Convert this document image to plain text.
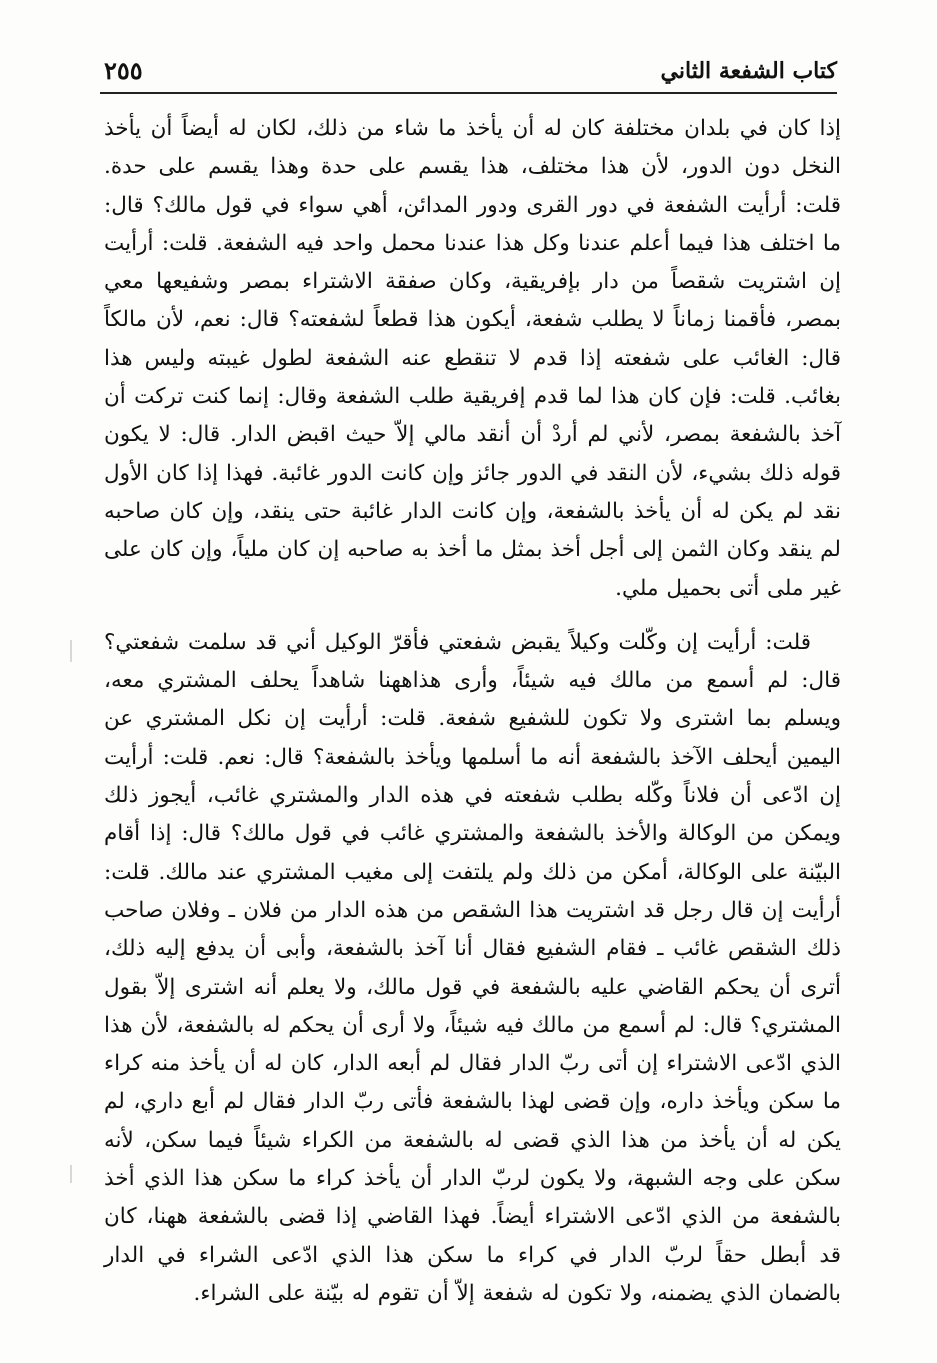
كتاب الشفعة الثاني
٢٥٥

إذا كان في بلدان مختلفة كان له أن يأخذ ما شاء من ذلك، لكان له أيضاً أن يأخذ النخل دون الدور، لأن هذا مختلف، هذا يقسم على حدة وهذا يقسم على حدة. قلت: أرأيت الشفعة في دور القرى ودور المدائن، أهي سواء في قول مالك؟ قال: ما اختلف هذا فيما أعلم عندنا وكل هذا عندنا محمل واحد فيه الشفعة. قلت: أرأيت إن اشتريت شقصاً من دار بإفريقية، وكان صفقة الاشتراء بمصر وشفيعها معي بمصر، فأقمنا زماناً لا يطلب شفعة، أيكون هذا قطعاً لشفعته؟ قال: نعم، لأن مالكاً قال: الغائب على شفعته إذا قدم لا تنقطع عنه الشفعة لطول غيبته وليس هذا بغائب. قلت: فإن كان هذا لما قدم إفريقية طلب الشفعة وقال: إنما كنت تركت أن آخذ بالشفعة بمصر، لأني لم أردْ أن أنقد مالي إلاّ حيث اقبض الدار. قال: لا يكون قوله ذلك بشيء، لأن النقد في الدور جائز وإن كانت الدور غائبة. فهذا إذا كان الأول نقد لم يكن له أن يأخذ بالشفعة، وإن كانت الدار غائبة حتى ينقد، وإن كان صاحبه لم ينقد وكان الثمن إلى أجل أخذ بمثل ما أخذ به صاحبه إن كان ملياً، وإن كان على غير ملى أتى بحميل ملي.

قلت: أرأيت إن وكّلت وكيلاً يقبض شفعتي فأقرّ الوكيل أني قد سلمت شفعتي؟ قال: لم أسمع من مالك فيه شيئاً، وأرى هذاههنا شاهداً يحلف المشتري معه، ويسلم بما اشترى ولا تكون للشفيع شفعة. قلت: أرأيت إن نكل المشتري عن اليمين أيحلف الآخذ بالشفعة أنه ما أسلمها ويأخذ بالشفعة؟ قال: نعم. قلت: أرأيت إن ادّعى أن فلاناً وكّله بطلب شفعته في هذه الدار والمشتري غائب، أيجوز ذلك ويمكن من الوكالة والأخذ بالشفعة والمشتري غائب في قول مالك؟ قال: إذا أقام البيّنة على الوكالة، أمكن من ذلك ولم يلتفت إلى مغيب المشتري عند مالك. قلت: أرأيت إن قال رجل قد اشتريت هذا الشقص من هذه الدار من فلان ـ وفلان صاحب ذلك الشقص غائب ـ فقام الشفيع فقال أنا آخذ بالشفعة، وأبى أن يدفع إليه ذلك، أترى أن يحكم القاضي عليه بالشفعة في قول مالك، ولا يعلم أنه اشترى إلاّ بقول المشتري؟ قال: لم أسمع من مالك فيه شيئاً، ولا أرى أن يحكم له بالشفعة، لأن هذا الذي ادّعى الاشتراء إن أتى ربّ الدار فقال لم أبعه الدار، كان له أن يأخذ منه كراء ما سكن ويأخذ داره، وإن قضى لهذا بالشفعة فأتى ربّ الدار فقال لم أبع داري، لم يكن له أن يأخذ من هذا الذي قضى له بالشفعة من الكراء شيئاً فيما سكن، لأنه سكن على وجه الشبهة، ولا يكون لربّ الدار أن يأخذ كراء ما سكن هذا الذي أخذ بالشفعة من الذي ادّعى الاشتراء أيضاً. فهذا القاضي إذا قضى بالشفعة ههنا، كان قد أبطل حقاً لربّ الدار في كراء ما سكن هذا الذي ادّعى الشراء في الدار بالضمان الذي يضمنه، ولا تكون له شفعة إلاّ أن تقوم له بيّنة على الشراء.
